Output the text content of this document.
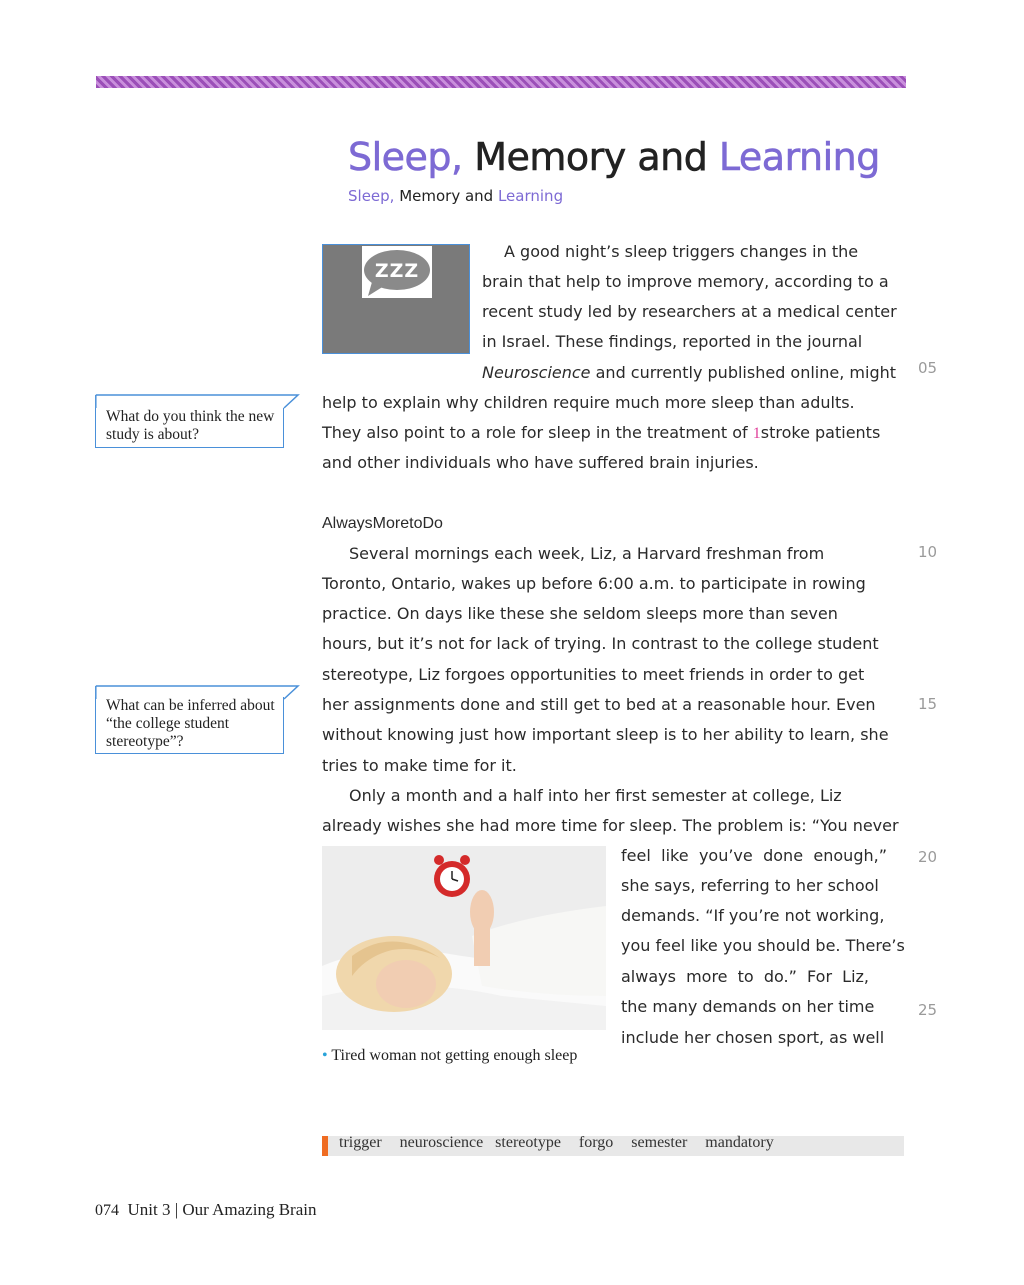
Sleep, Memory and Learning
Sleep, Memory and Learning
ZZZ
A good night’s sleep triggers changes in the
brain that help to improve memory, according to a
recent study led by researchers at a medical center
in Israel. These findings, reported in the journal
Neuroscience and currently published online, might
help to explain why children require much more sleep than adults.
They also point to a role for sleep in the treatment of 1stroke patients
and other individuals who have suffered brain injuries.
AlwaysMoretoDo
Several mornings each week, Liz, a Harvard freshman from
Toronto, Ontario, wakes up before 6:00 a.m. to participate in rowing
practice. On days like these she seldom sleeps more than seven
hours, but it’s not for lack of trying. In contrast to the college student
stereotype, Liz forgoes opportunities to meet friends in order to get
her assignments done and still get to bed at a reasonable hour. Even
without knowing just how important sleep is to her ability to learn, she
tries to make time for it.
Only a month and a half into her first semester at college, Liz
already wishes she had more time for sleep. The problem is: “You never
feel like you’ve done enough,”
she says, referring to her school
demands. “If you’re not working,
you feel like you should be. There’s
always more to do.” For Liz,
the many demands on her time
include her chosen sport, as well
05
10
15
20
25
What do you think the new study is about?
What can be inferred about “the college student stereotype”?
• Tired woman not getting enough sleep
trigger neuroscience stereotype forgo semester mandatory
074 Unit 3 | Our Amazing Brain
